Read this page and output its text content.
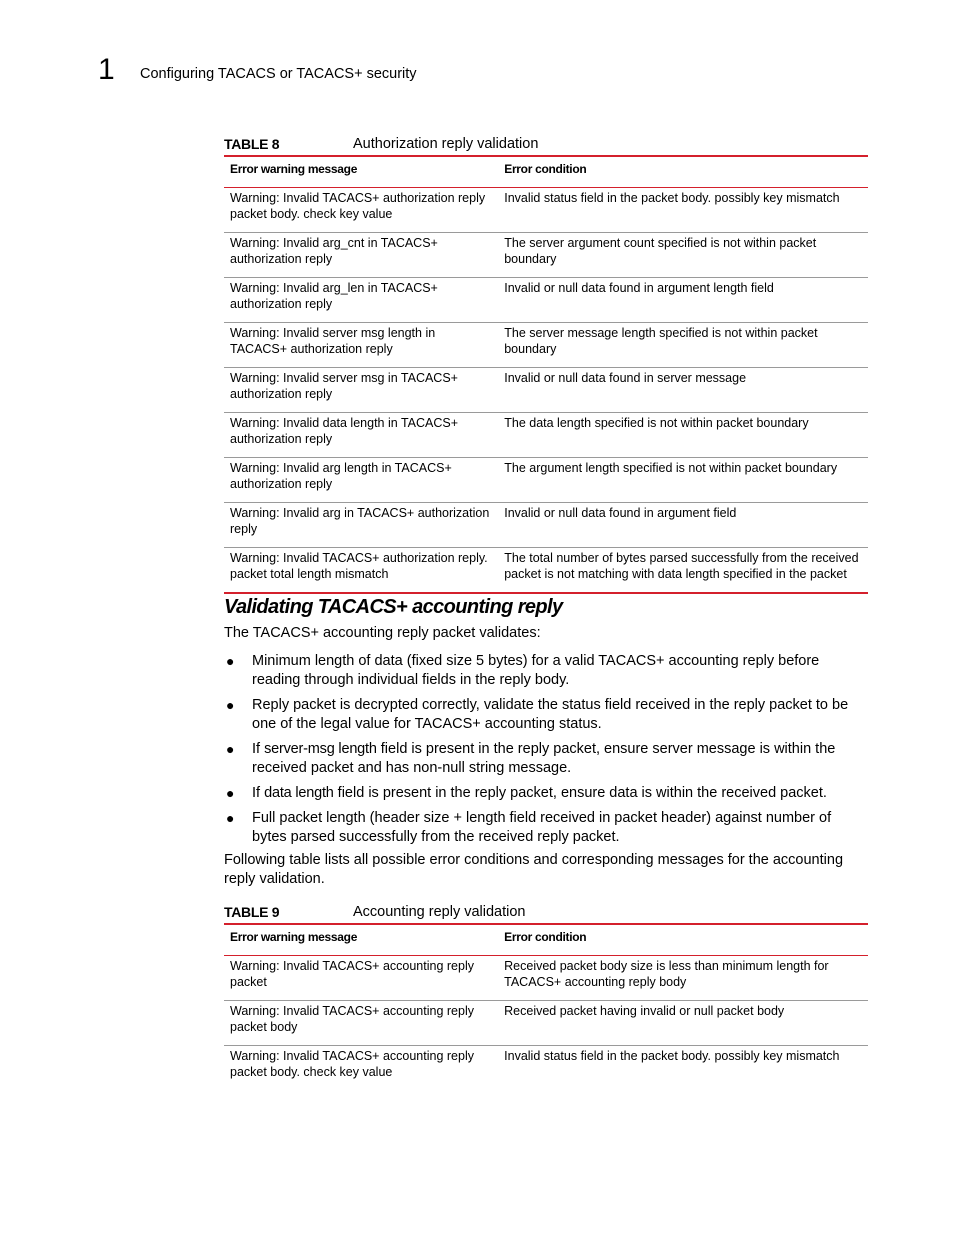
1 Configuring TACACS or TACACS+ security
TABLE 8	Authorization reply validation
Error warning message	Error condition
Warning: Invalid TACACS+ authorization reply packet body. check key value	Invalid status field in the packet body. possibly key mismatch
Warning: Invalid arg_cnt in TACACS+ authorization reply	The server argument count specified is not within packet boundary
Warning: Invalid arg_len in TACACS+ authorization reply	Invalid or null data found in argument length field
Warning: Invalid server msg length in TACACS+ authorization reply	The server message length specified is not within packet boundary
Warning: Invalid server msg in TACACS+ authorization reply	Invalid or null data found in server message
Warning: Invalid data length in TACACS+ authorization reply	The data length specified is not within packet boundary
Warning: Invalid arg length in TACACS+ authorization reply	The argument length specified is not within packet boundary
Warning: Invalid arg in TACACS+ authorization reply	Invalid or null data found in argument field
Warning: Invalid TACACS+ authorization reply. packet total length mismatch	The total number of bytes parsed successfully from the received packet is not matching with data length specified in the packet
Validating TACACS+ accounting reply

The TACACS+ accounting reply packet validates:

● Minimum length of data (fixed size 5 bytes) for a valid TACACS+ accounting reply before reading through individual fields in the reply body.
● Reply packet is decrypted correctly, validate the status field received in the reply packet to be one of the legal value for TACACS+ accounting status.
● If server-msg length field is present in the reply packet, ensure server message is within the received packet and has non-null string message.
● If data length field is present in the reply packet, ensure data is within the received packet.
● Full packet length (header size + length field received in packet header) against number of bytes parsed successfully from the received reply packet.

Following table lists all possible error conditions and corresponding messages for the accounting reply validation.

TABLE 9	Accounting reply validation
Error warning message	Error condition
Warning: Invalid TACACS+ accounting reply packet	Received packet body size is less than minimum length for TACACS+ accounting reply body
Warning: Invalid TACACS+ accounting reply packet body	Received packet having invalid or null packet body
Warning: Invalid TACACS+ accounting reply packet body. check key value	Invalid status field in the packet body. possibly key mismatch
